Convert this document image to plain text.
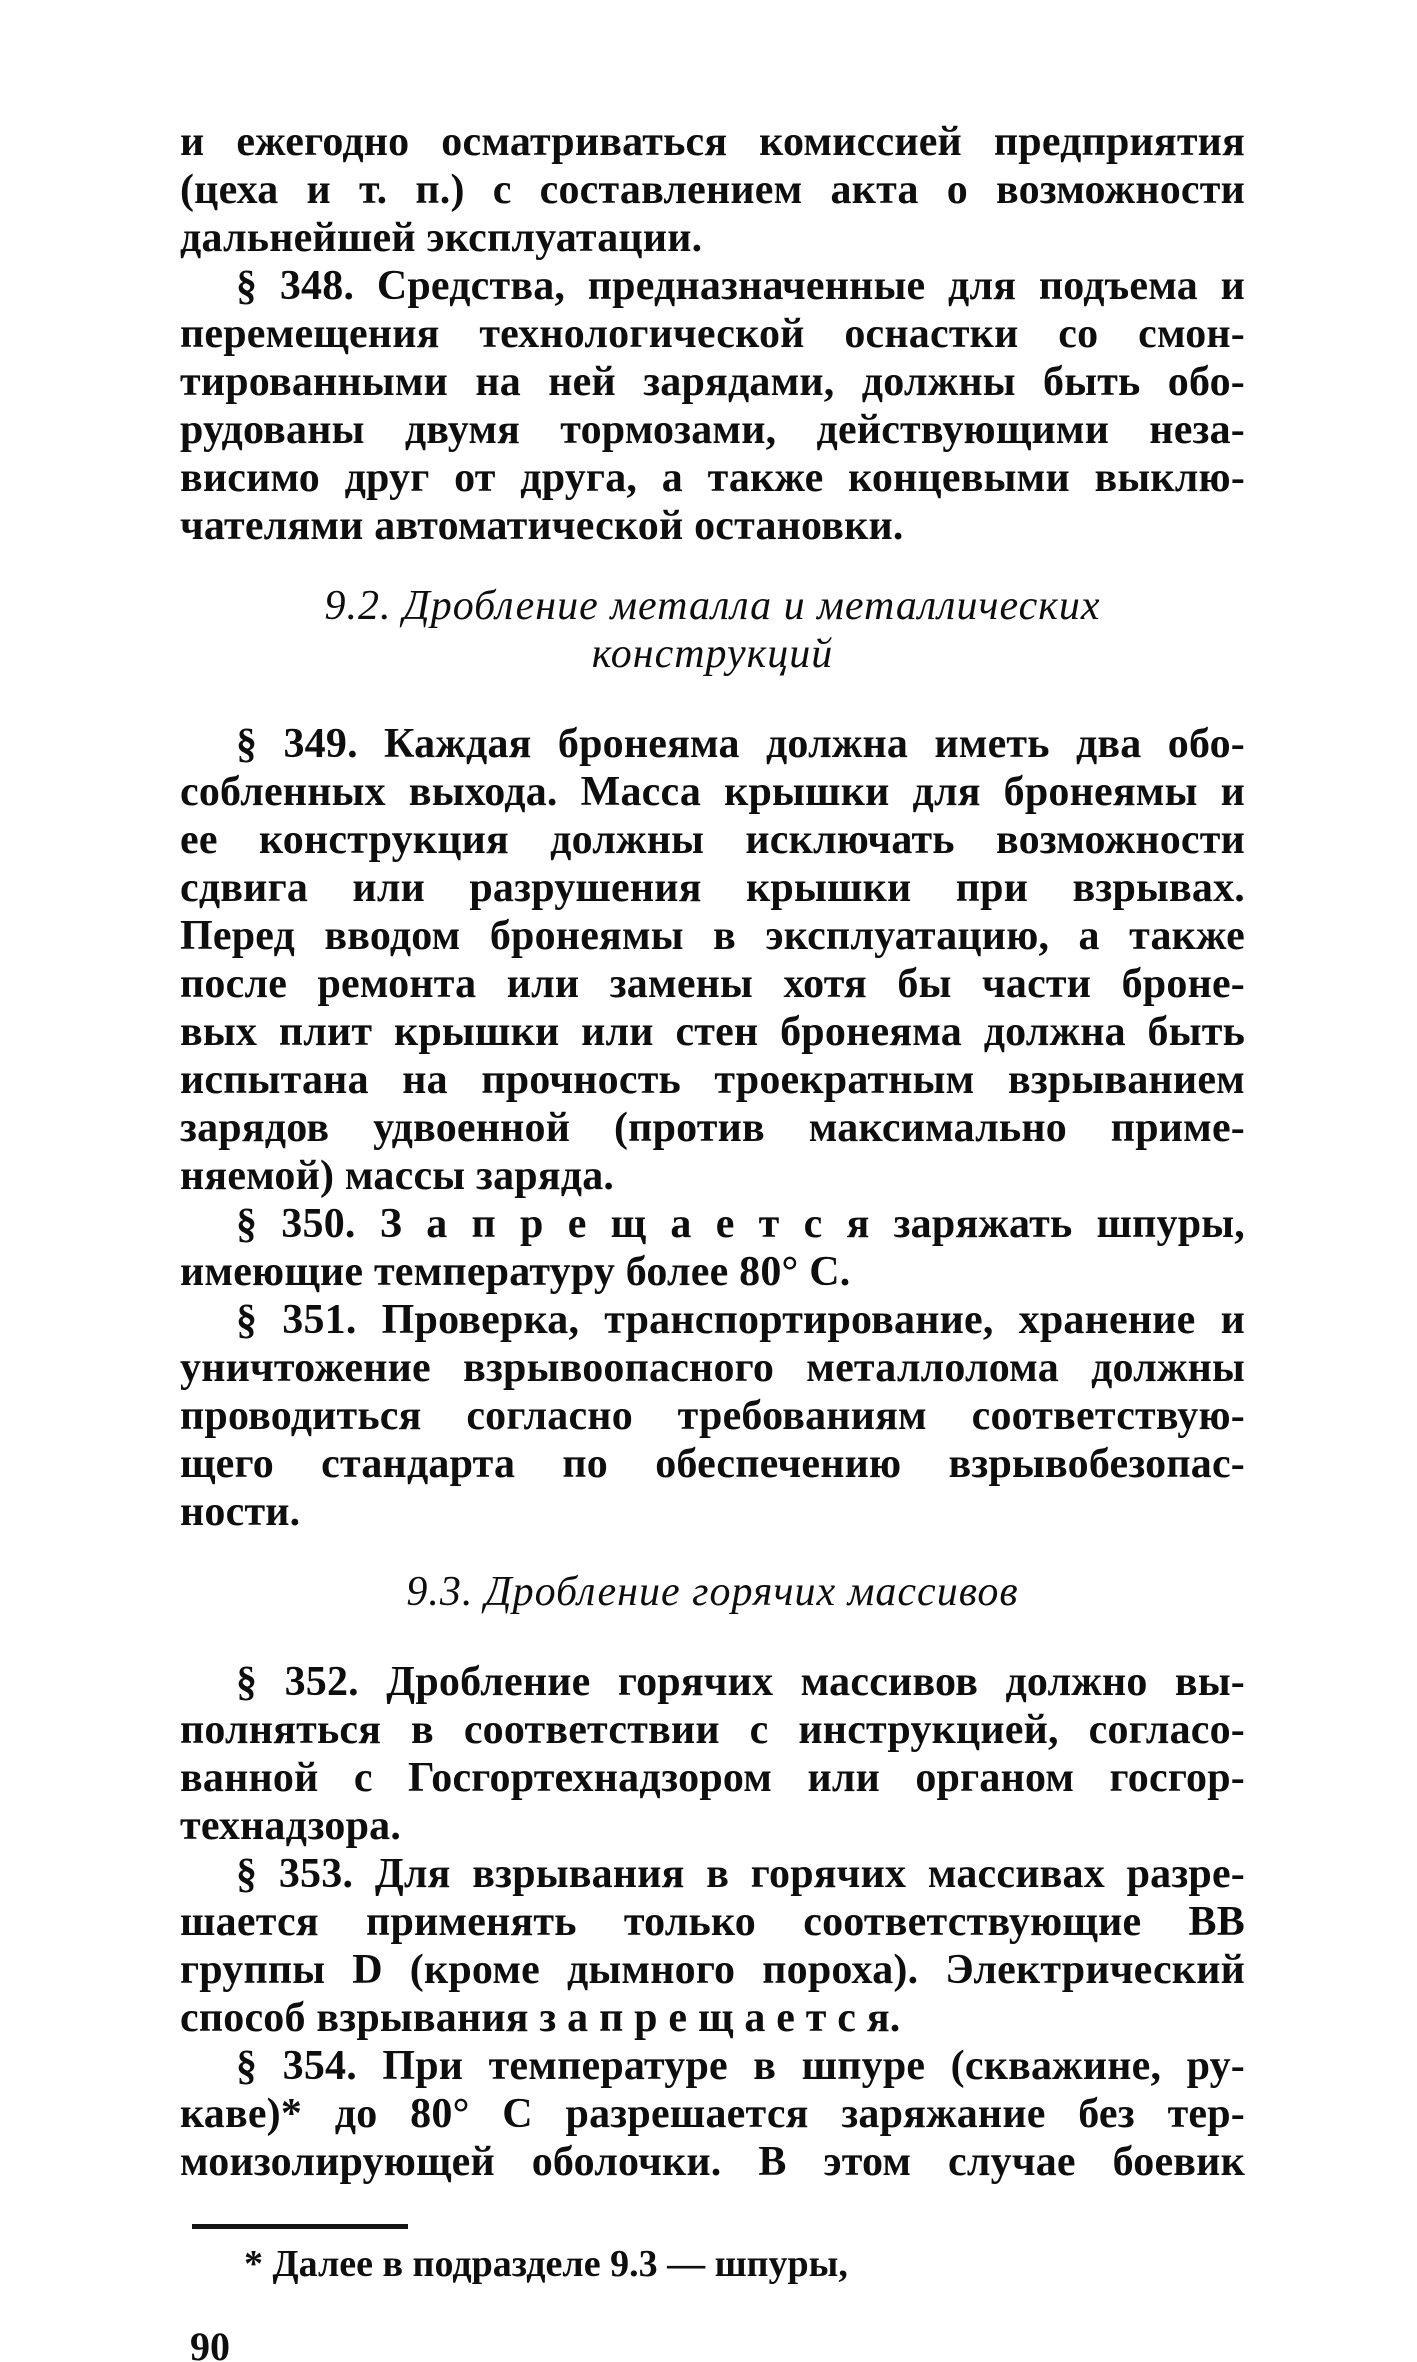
и ежегодно осматриваться комиссией предприятия
(цеха и т. п.) с составлением акта о возможности
дальнейшей эксплуатации.
§ 348. Средства, предназначенные для подъема и
перемещения технологической оснастки со смон-
тированными на ней зарядами, должны быть обо-
рудованы двумя тормозами, действующими неза-
висимо друг от друга, а также концевыми выклю-
чателями автоматической остановки.
9.2. Дробление металла и металлических
конструкций
§ 349. Каждая бронеяма должна иметь два обо-
собленных выхода. Масса крышки для бронеямы и
ее конструкция должны исключать возможности
сдвига или разрушения крышки при взрывах.
Перед вводом бронеямы в эксплуатацию, а также
после ремонта или замены хотя бы части броне-
вых плит крышки или стен бронеяма должна быть
испытана на прочность троекратным взрыванием
зарядов удвоенной (против максимально приме-
няемой) массы заряда.
§ 350. З а п р е щ а е т с я заряжать шпуры,
имеющие температуру более 80° С.
§ 351. Проверка, транспортирование, хранение и
уничтожение взрывоопасного металлолома должны
проводиться согласно требованиям соответствую-
щего стандарта по обеспечению взрывобезопас-
ности.
9.3. Дробление горячих массивов
§ 352. Дробление горячих массивов должно вы-
полняться в соответствии с инструкцией, согласо-
ванной с Госгортехнадзором или органом госгор-
технадзора.
§ 353. Для взрывания в горячих массивах разре-
шается применять только соответствующие ВВ
группы D (кроме дымного пороха). Электрический
способ взрывания з а п р е щ а е т с я.
§ 354. При температуре в шпуре (скважине, ру-
каве)* до 80° С разрешается заряжание без тер-
моизолирующей оболочки. В этом случае боевик
* Далее в подразделе 9.3 — шпуры,
90
